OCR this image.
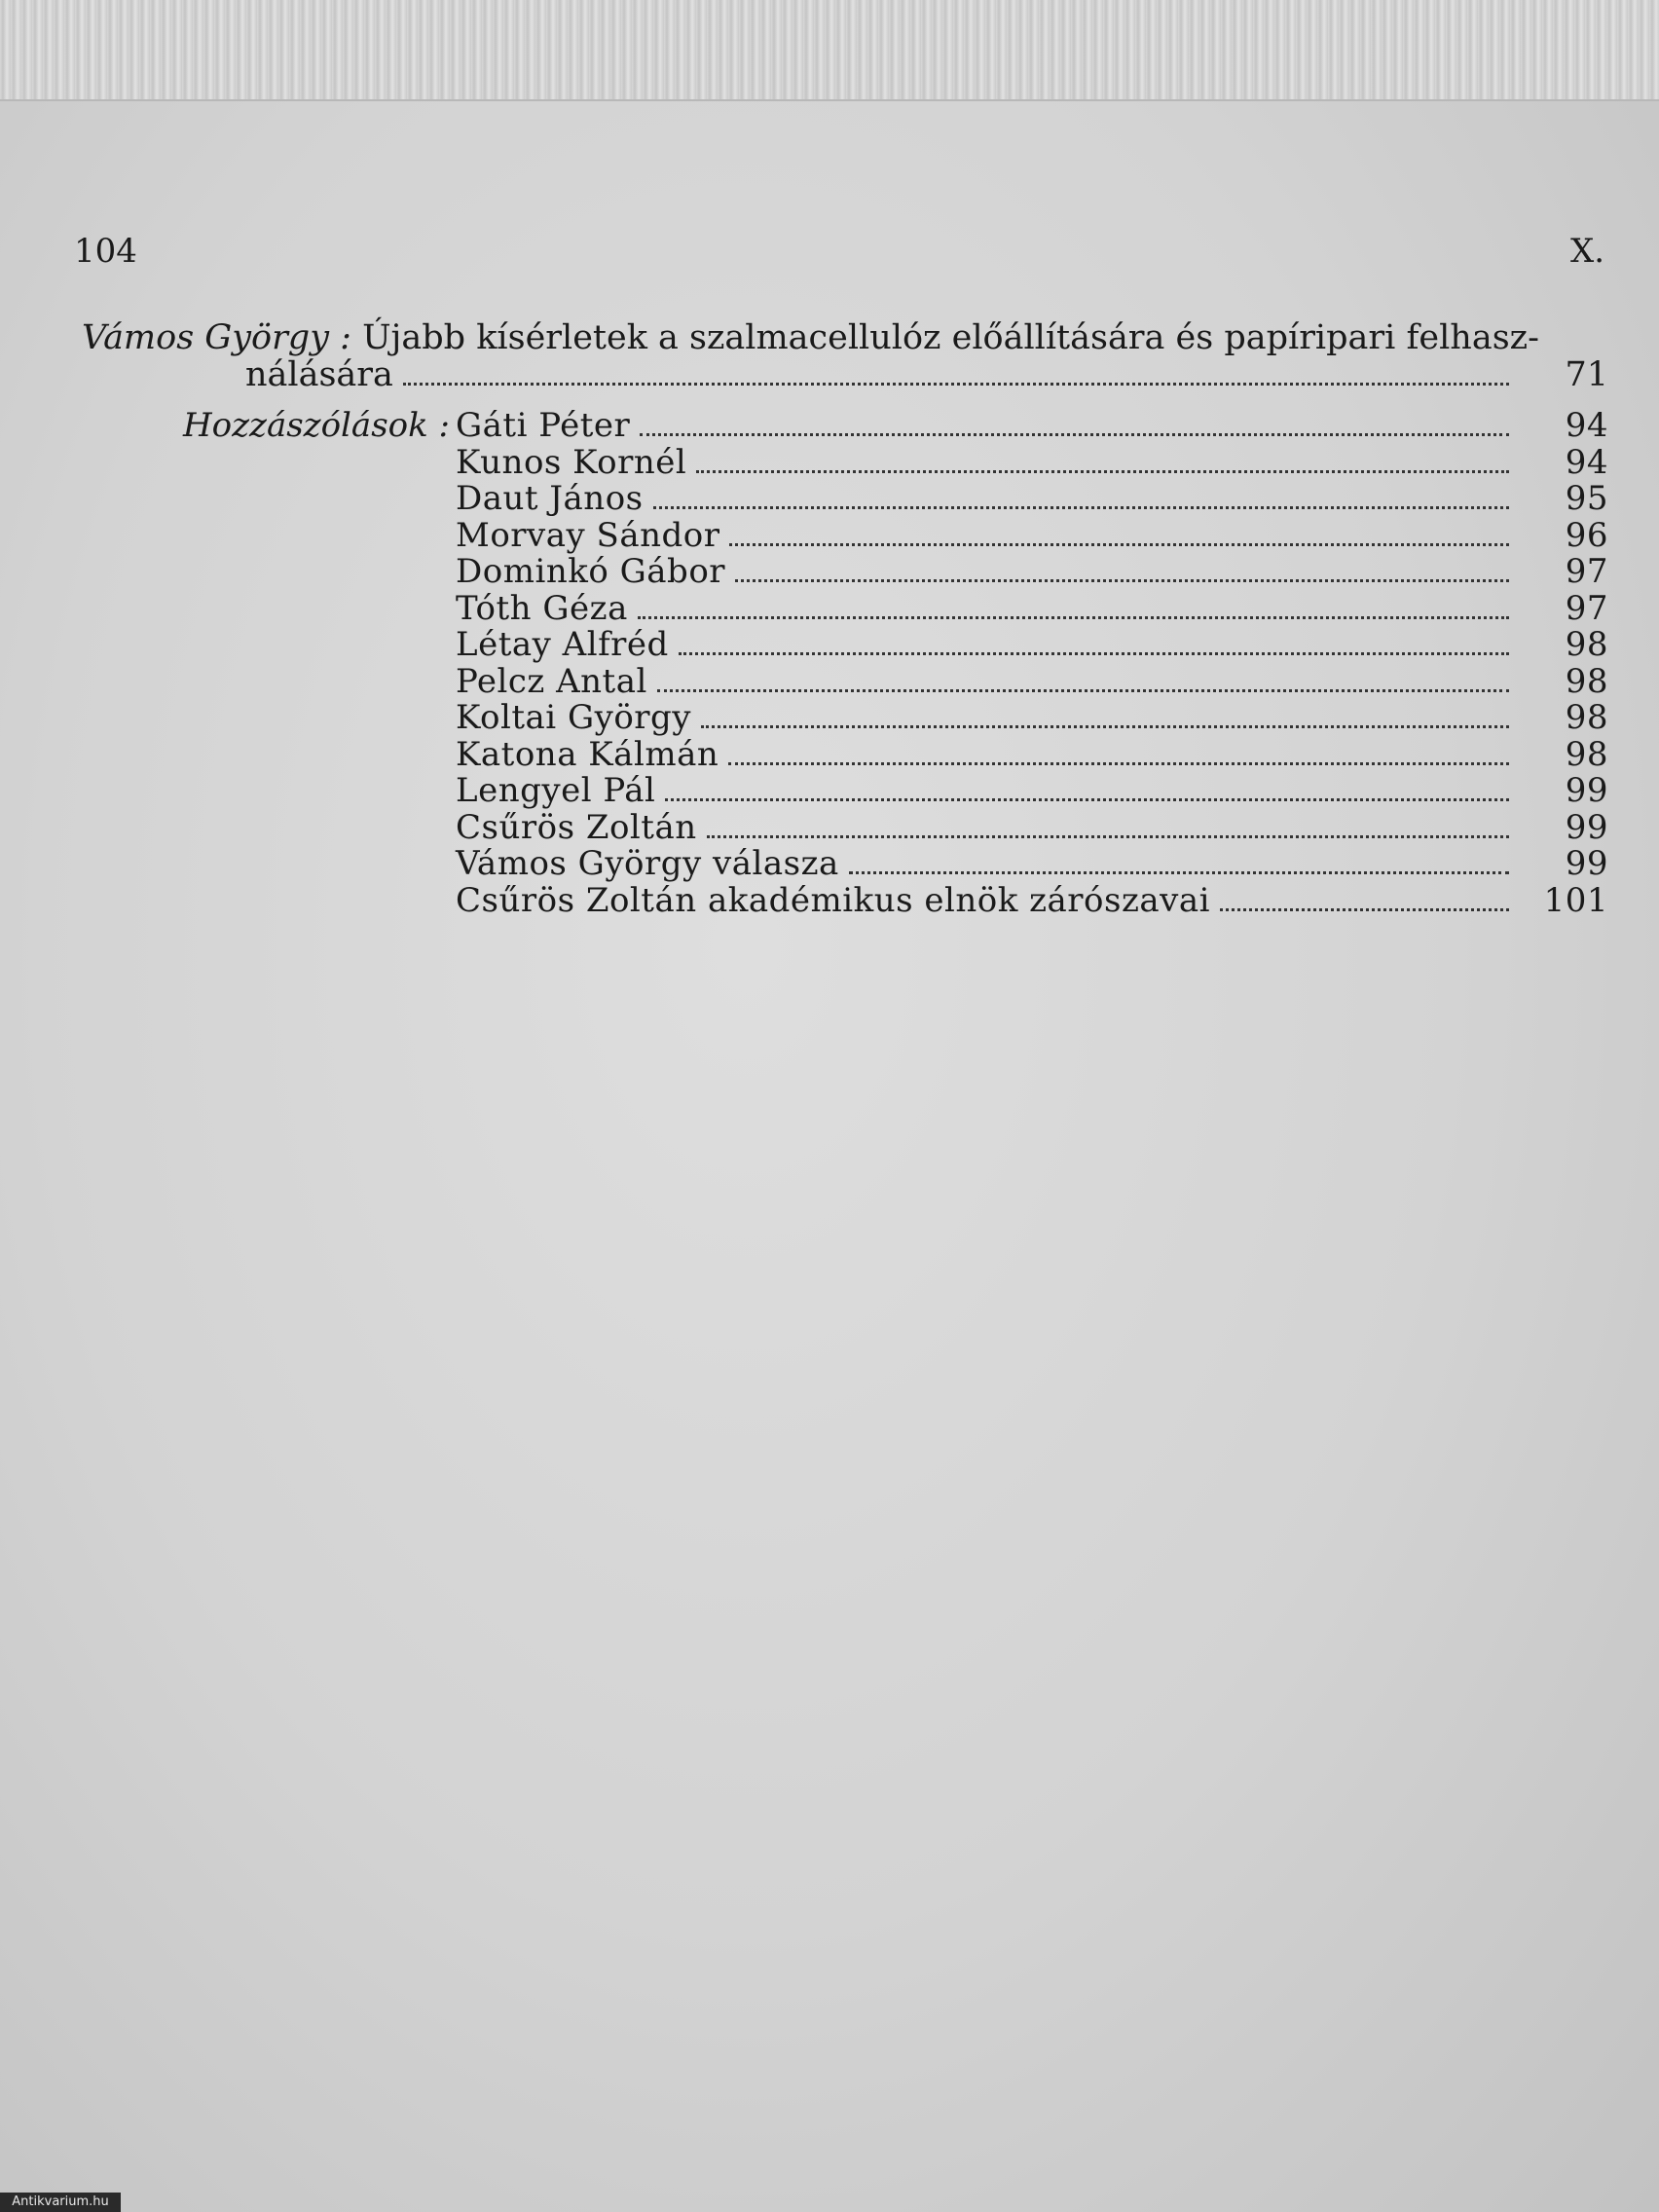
104	X.
Vámos György : Újabb kísérletek a szalmacellulóz előállítására és papíripari felhasz-
nálására	71
Hozzászólások : Gáti Péter	94
Kunos Kornél	94
Daut János	95
Morvay Sándor	96
Dominkó Gábor	97
Tóth Géza	97
Létay Alfréd	98
Pelcz Antal	98
Koltai György	98
Katona Kálmán	98
Lengyel Pál	99
Csűrös Zoltán	99
Vámos György válasza	99
Csűrös Zoltán akadémikus elnök zárószavai	101
Antikvarium.hu
